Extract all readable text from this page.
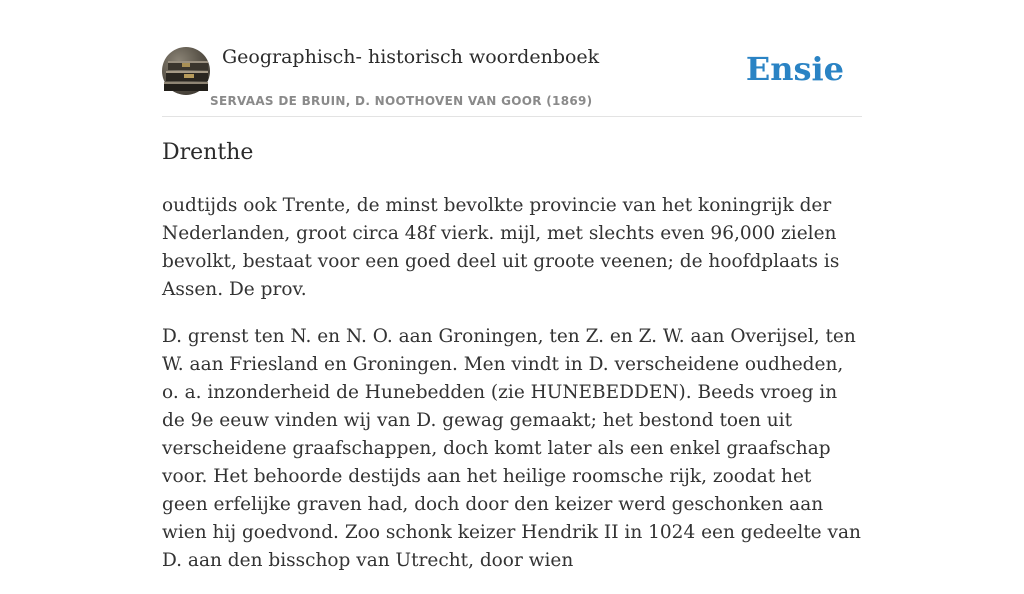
Geographisch- historisch woordenboek
SERVAAS DE BRUIN, D. NOOTHOVEN VAN GOOR (1869)
Ensie
Drenthe

oudtijds ook Trente, de minst bevolkte provincie van het koningrijk der Nederlanden, groot circa 48f vierk. mijl, met slechts even 96,000 zielen bevolkt, bestaat voor een goed deel uit groote veenen; de hoofdplaats is Assen. De prov.

D. grenst ten N. en N. O. aan Groningen, ten Z. en Z. W. aan Overijsel, ten W. aan Friesland en Groningen. Men vindt in D. verscheidene oudheden, o. a. inzonderheid de Hunebedden (zie HUNEBEDDEN). Beeds vroeg in de 9e eeuw vinden wij van D. gewag gemaakt; het bestond toen uit verscheidene graafschappen, doch komt later als een enkel graafschap voor. Het behoorde destijds aan het heilige roomsche rijk, zoodat het geen erfelijke graven had, doch door den keizer werd geschonken aan wien hij goedvond. Zoo schonk keizer Hendrik II in 1024 een gedeelte van D. aan den bisschop van Utrecht, door wien
